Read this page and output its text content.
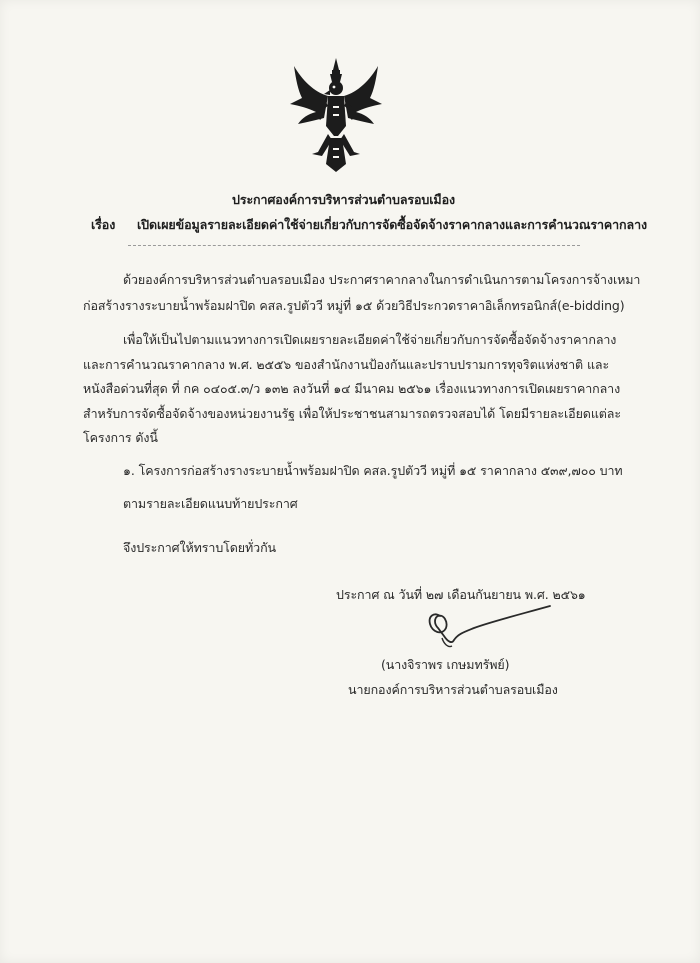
ประกาศองค์การบริหารส่วนตำบลรอบเมือง
เรื่อง เปิดเผยข้อมูลรายละเอียดค่าใช้จ่ายเกี่ยวกับการจัดซื้อจัดจ้างราคากลางและการคำนวณราคากลาง
ด้วยองค์การบริหารส่วนตำบลรอบเมือง ประกาศราคากลางในการดำเนินการตามโครงการจ้างเหมา
ก่อสร้างรางระบายน้ำพร้อมฝาปิด คสล.รูปตัววี หมู่ที่ ๑๕ ด้วยวิธีประกวดราคาอิเล็กทรอนิกส์(e-bidding)
เพื่อให้เป็นไปตามแนวทางการเปิดเผยรายละเอียดค่าใช้จ่ายเกี่ยวกับการจัดซื้อจัดจ้างราคากลาง
และการคำนวณราคากลาง พ.ศ. ๒๕๕๖ ของสำนักงานป้องกันและปราบปรามการทุจริตแห่งชาติ และ
หนังสือด่วนที่สุด ที่ กค ๐๔๐๕.๓/ว ๑๓๒ ลงวันที่ ๑๔ มีนาคม ๒๕๖๑ เรื่องแนวทางการเปิดเผยราคากลาง
สำหรับการจัดซื้อจัดจ้างของหน่วยงานรัฐ เพื่อให้ประชาชนสามารถตรวจสอบได้ โดยมีรายละเอียดแต่ละ
โครงการ ดังนี้
๑. โครงการก่อสร้างรางระบายน้ำพร้อมฝาปิด คสล.รูปตัววี หมู่ที่ ๑๕ ราคากลาง ๕๓๙,๗๐๐ บาท
ตามรายละเอียดแนบท้ายประกาศ
จึงประกาศให้ทราบโดยทั่วกัน
ประกาศ ณ วันที่ ๒๗ เดือนกันยายน พ.ศ. ๒๕๖๑
(นางจิราพร เกษมทรัพย์)
นายกองค์การบริหารส่วนตำบลรอบเมือง
